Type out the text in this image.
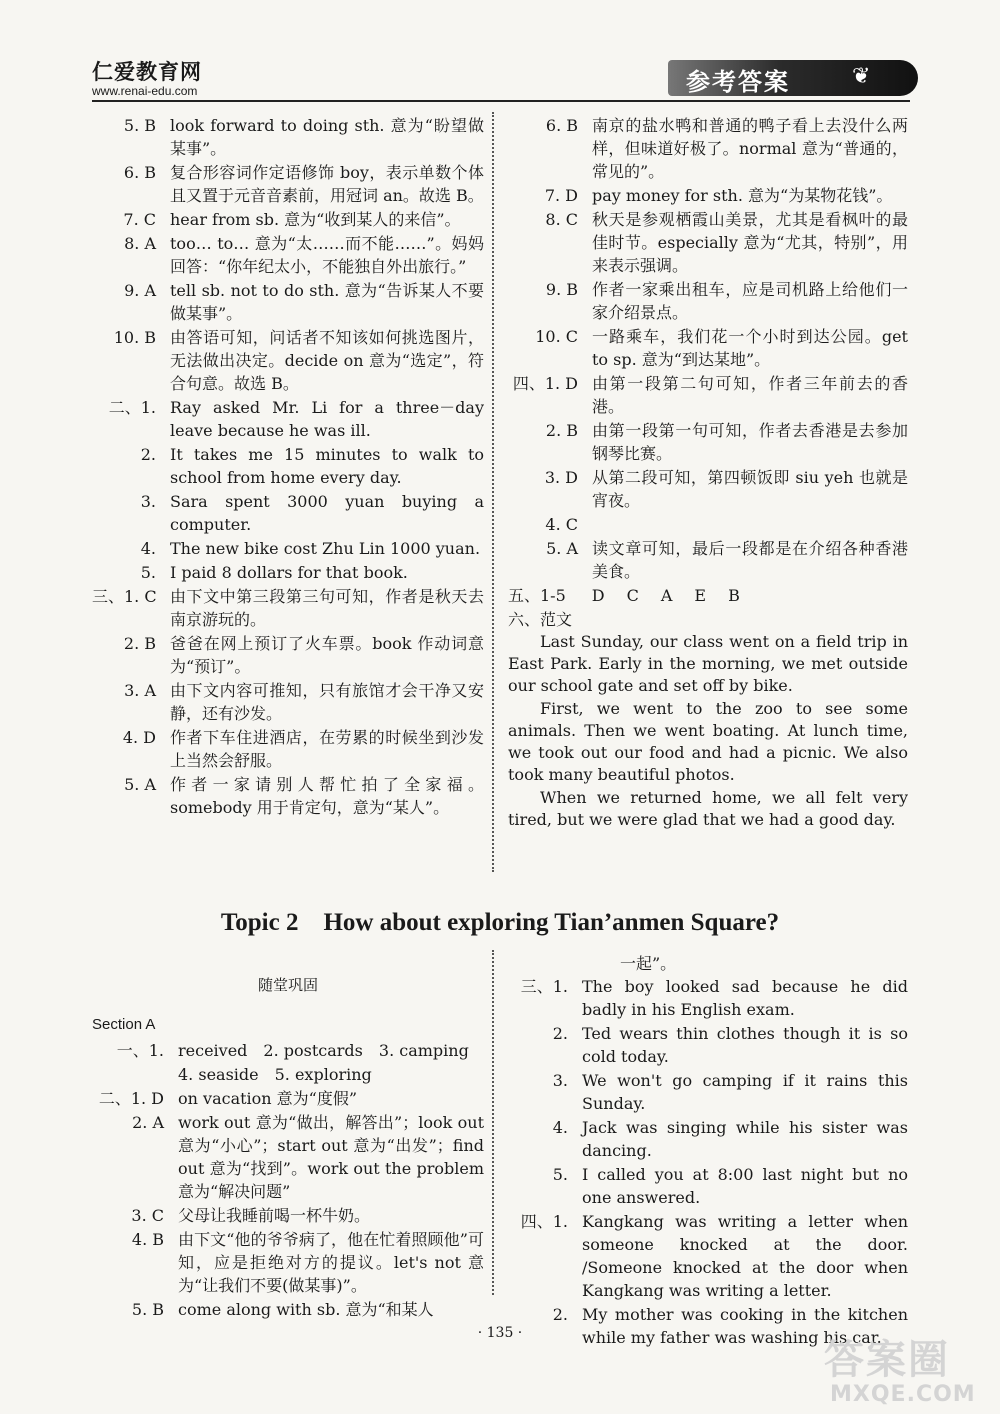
仁爱教育网
www.renai-edu.com	参考答案	❦
5. B look forward to doing sth. 意为“盼望做某事”。
6. B 复合形容词作定语修饰 boy，表示单数个体且又置于元音音素前，用冠词 an。故选 B。
7. C hear from sb. 意为“收到某人的来信”。
8. A too… to… 意为“太……而不能……”。妈妈回答：“你年纪太小，不能独自外出旅行。”
9. A tell sb. not to do sth. 意为“告诉某人不要做某事”。
10. B 由答语可知，问话者不知该如何挑选图片，无法做出决定。decide on 意为“选定”，符合句意。故选 B。
二、1. Ray asked Mr. Li for a three－day leave because he was ill.
2. It takes me 15 minutes to walk to school from home every day.
3. Sara spent 3000 yuan buying a computer.
4. The new bike cost Zhu Lin 1000 yuan.
5. I paid 8 dollars for that book.
三、1. C 由下文中第三段第三句可知，作者是秋天去南京游玩的。
2. B 爸爸在网上预订了火车票。book 作动词意为“预订”。
3. A 由下文内容可推知，只有旅馆才会干净又安静，还有沙发。
4. D 作者下车住进酒店，在劳累的时候坐到沙发上当然会舒服。
5. A 作者一家请别人帮忙拍了全家福。somebody 用于肯定句，意为“某人”。
6. B 南京的盐水鸭和普通的鸭子看上去没什么两样，但味道好极了。normal 意为“普通的，常见的”。
7. D pay money for sth. 意为“为某物花钱”。
8. C 秋天是参观栖霞山美景，尤其是看枫叶的最佳时节。especially 意为“尤其，特别”，用来表示强调。
9. B 作者一家乘出租车，应是司机路上给他们一家介绍景点。
10. C 一路乘车，我们花一个小时到达公园。get to sp. 意为“到达某地”。
四、1. D 由第一段第二句可知，作者三年前去的香港。
2. B 由第一段第一句可知，作者去香港是去参加钢琴比赛。
3. D 从第二段可知，第四顿饭即 siu yeh 也就是宵夜。
4. C
5. A 读文章可知，最后一段都是在介绍各种香港美食。
五、1-5	D C A E B
六、范文
Last Sunday, our class went on a field trip in East Park. Early in the morning, we met outside our school gate and set off by bike.
First, we went to the zoo to see some animals. Then we went boating. At lunch time, we took out our food and had a picnic. We also took many beautiful photos.
When we returned home, we all felt very tired, but we were glad that we had a good day.
Topic 2　How about exploring Tian’anmen Square?
随堂巩固
Section A
一、1. received　2. postcards　3. camping
4. seaside　5. exploring
二、1. D on vacation 意为“度假”
2. A work out 意为“做出，解答出”；look out 意为“小心”；start out 意为“出发”；find out 意为“找到”。work out the problem 意为“解决问题”
3. C 父母让我睡前喝一杯牛奶。
4. B 由下文“他的爷爷病了，他在忙着照顾他”可知，应是拒绝对方的提议。let's not 意为“让我们不要(做某事)”。
5. B come along with sb. 意为“和某人
一起”。
三、1. The boy looked sad because he did badly in his English exam.
2. Ted wears thin clothes though it is so cold today.
3. We won't go camping if it rains this Sunday.
4. Jack was singing while his sister was dancing.
5. I called you at 8:00 last night but no one answered.
四、1. Kangkang was writing a letter when someone knocked at the door. /Someone knocked at the door when Kangkang was writing a letter.
2. My mother was cooking in the kitchen while my father was washing his car.
· 135 ·
答案圈
MXQE.COM
